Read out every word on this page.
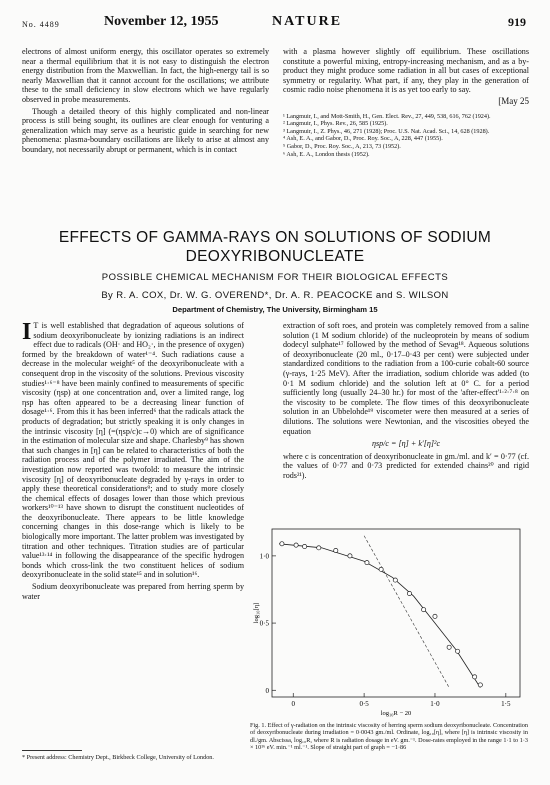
No. 4489	November 12, 1955	NATURE	919

electrons of almost uniform energy, this oscillator operates so extremely near a thermal equilibrium that it is not easy to distinguish the electron energy distribution from the Maxwellian. In fact, the high-energy tail is so nearly Maxwellian that it cannot account for the oscillations; we attribute these to the small deficiency in slow electrons which we have regularly observed in probe measurements.

Though a detailed theory of this highly complicated and non-linear process is still being sought, its outlines are clear enough for venturing a generalization which may serve as a heuristic guide in searching for new phenomena: plasma-boundary oscillations are likely to arise at almost any boundary, not necessarily abrupt or permanent, which is in contact

with a plasma however slightly off equilibrium. These oscillations constitute a powerful mixing, entropy-increasing mechanism, and as a by-product they might produce some radiation in all but cases of exceptional symmetry or regularity. What part, if any, they play in the generation of cosmic radio noise phenomena it is as yet too early to say.

[May 25
¹ Langmuir, I., and Mott-Smith, H., Gen. Elect. Rev., 27, 449, 538, 616, 762 (1924).
² Langmuir, I., Phys. Rev., 26, 585 (1925).
³ Langmuir, I., Z. Phys., 46, 271 (1928); Proc. U.S. Nat. Acad. Sci., 14, 628 (1928).
⁴ Ash, E. A., and Gabor, D., Proc. Roy. Soc., A, 228, 447 (1955).
⁵ Gabor, D., Proc. Roy. Soc., A, 213, 73 (1952).
⁶ Ash, E. A., London thesis (1952).
EFFECTS OF GAMMA-RAYS ON SOLUTIONS OF SODIUM DEOXYRIBONUCLEATE
POSSIBLE CHEMICAL MECHANISM FOR THEIR BIOLOGICAL EFFECTS
By R. A. COX, Dr. W. G. OVEREND*, Dr. A. R. PEACOCKE and S. WILSON
Department of Chemistry, The University, Birmingham 15

I T is well established that degradation of aqueous solutions of sodium deoxyribonucleate by ionizing radiations is an indirect effect due to radicals (OH· and HO₂·, in the presence of oxygen) formed by the breakdown of water¹⁻⁴. Such radiations cause a decrease in the molecular weight⁵ of the deoxyribonucleate with a consequent drop in the viscosity of the solutions. Previous viscosity studies¹·⁶⁻⁸ have been mainly confined to measurements of specific viscosity (ηsp) at one concentration and, over a limited range, log ηsp has often appeared to be a decreasing linear function of dosage¹·⁶. From this it has been inferred⁶ that the radicals attack the products of degradation; but strictly speaking it is only changes in the intrinsic viscosity [η] (=(ηsp/c)c→0) which are of significance in the estimation of molecular size and shape. Charlesby⁹ has shown that such changes in [η] can be related to characteristics of both the radiation process and of the polymer irradiated. The aim of the investigation now reported was twofold: to measure the intrinsic viscosity [η] of deoxyribonucleate degraded by γ-rays in order to apply these theoretical considerations⁹; and to study more closely the chemical effects of dosages lower than those which previous workers¹⁰⁻¹³ have shown to disrupt the constituent nucleotides of the deoxyribonucleate. There appears to be little knowledge concerning changes in this dose-range which is likely to be biologically more important. The latter problem was investigated by titration and other techniques. Titration studies are of particular value¹³·¹⁴ in following the disappearance of the specific hydrogen bonds which cross-link the two constituent helices of sodium deoxyribonucleate in the solid state¹⁵ and in solution¹⁶.

Sodium deoxyribonucleate was prepared from herring sperm by water

extraction of soft roes, and protein was completely removed from a saline solution (1 M sodium chloride) of the nucleoprotein by means of sodium dodecyl sulphate¹⁷ followed by the method of Sevag¹⁸. Aqueous solutions of deoxyribonucleate (20 ml., 0·17–0·43 per cent) were subjected under standardized conditions to the radiation from a 100-curie cobalt-60 source (γ-rays, 1·25 MeV). After the irradiation, sodium chloride was added (to 0·1 M sodium chloride) and the solution left at 0° C. for a period sufficiently long (usually 24–30 hr.) for most of the 'after-effect'¹·²·⁷·⁸ on the viscosity to be complete. The flow times of this deoxyribonucleate solution in an Ubbelohde¹⁹ viscometer were then measured at a series of dilutions. The solutions were Newtonian, and the viscosities obeyed the equation

ηsp/c = [η] + k′[η]²c

where c is concentration of deoxyribonucleate in gm./ml. and k′ = 0·77 (cf. the values of 0·77 and 0·73 predicted for extended chains²⁰ and rigid rods²¹).

0	0·5	1·0	1·5
0
0·5
1·0
log₁₀R − 20
log₁₀[η]
Fig. 1. Effect of γ-radiation on the intrinsic viscosity of herring sperm sodium deoxyribonucleate. Concentration of deoxyribonucleate during irradiation = 0·0043 gm./ml. Ordinate, log₁₀[η], where [η] is intrinsic viscosity in dl./gm. Abscissa, log₁₀R, where R is radiation dosage in eV. gm.⁻¹. Dose-rates employed in the range 1·1 to 1·3 × 10¹⁶ eV. min.⁻¹ ml.⁻¹. Slope of straight part of graph = −1·86
* Present address: Chemistry Dept., Birkbeck College, University of London.
